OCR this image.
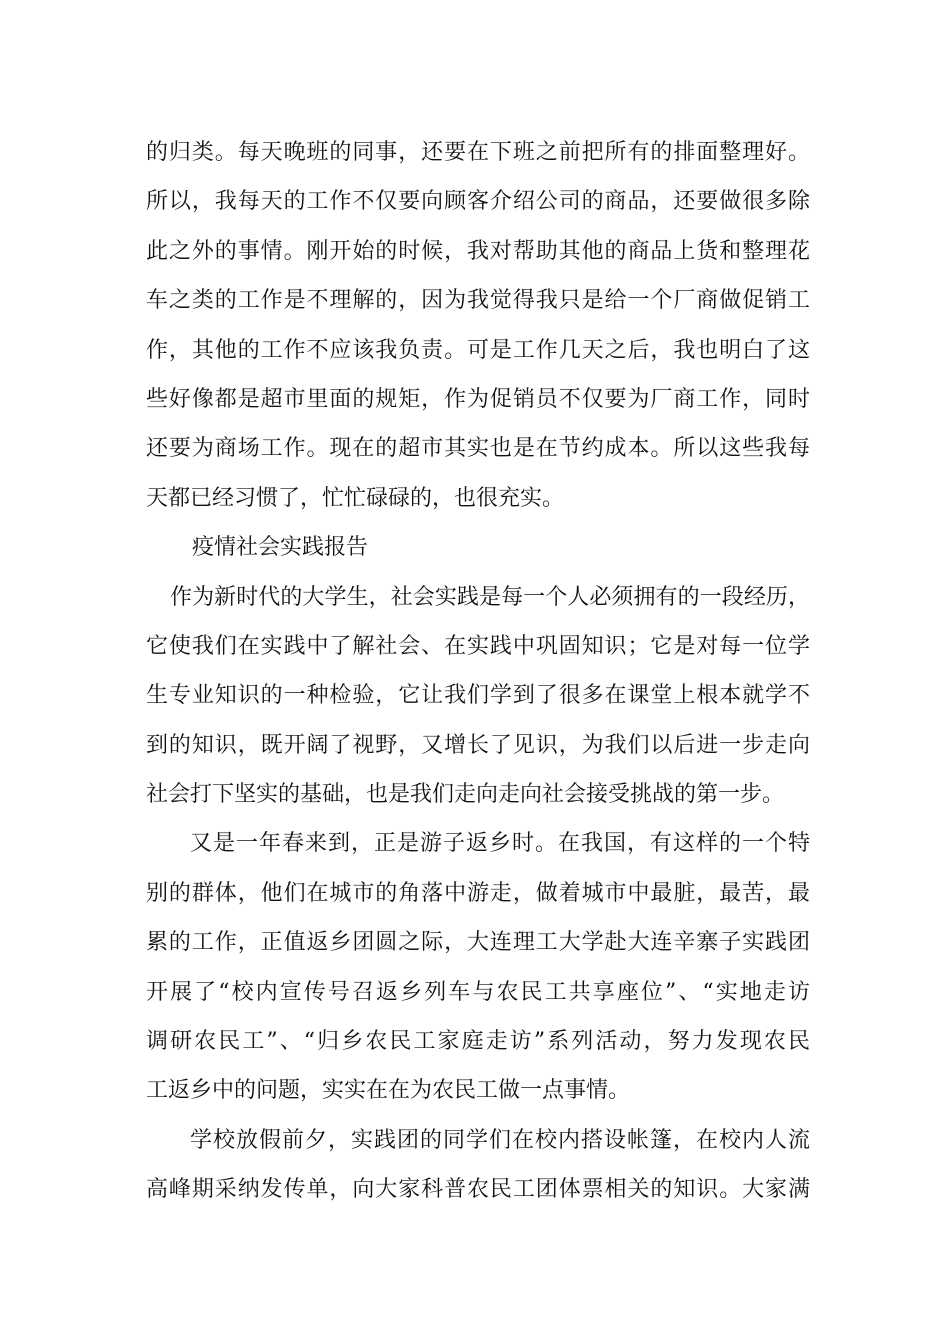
的归类。每天晚班的同事，还要在下班之前把所有的排面整理好。
所以，我每天的工作不仅要向顾客介绍公司的商品，还要做很多除
此之外的事情。刚开始的时候，我对帮助其他的商品上货和整理花
车之类的工作是不理解的，因为我觉得我只是给一个厂商做促销工
作，其他的工作不应该我负责。可是工作几天之后，我也明白了这
些好像都是超市里面的规矩，作为促销员不仅要为厂商工作，同时
还要为商场工作。现在的超市其实也是在节约成本。所以这些我每
天都已经习惯了，忙忙碌碌的，也很充实。
疫情社会实践报告
作为新时代的大学生，社会实践是每一个人必须拥有的一段经历，
它使我们在实践中了解社会、在实践中巩固知识；它是对每一位学
生专业知识的一种检验，它让我们学到了很多在课堂上根本就学不
到的知识，既开阔了视野，又增长了见识，为我们以后进一步走向
社会打下坚实的基础，也是我们走向走向社会接受挑战的第一步。
又是一年春来到，正是游子返乡时。在我国，有这样的一个特
别的群体，他们在城市的角落中游走，做着城市中最脏，最苦，最
累的工作，正值返乡团圆之际，大连理工大学赴大连辛寨子实践团
开展了“校内宣传号召返乡列车与农民工共享座位”、“实地走访
调研农民工”、“归乡农民工家庭走访”系列活动，努力发现农民
工返乡中的问题，实实在在为农民工做一点事情。
学校放假前夕，实践团的同学们在校内搭设帐篷，在校内人流
高峰期采纳发传单，向大家科普农民工团体票相关的知识。大家满
